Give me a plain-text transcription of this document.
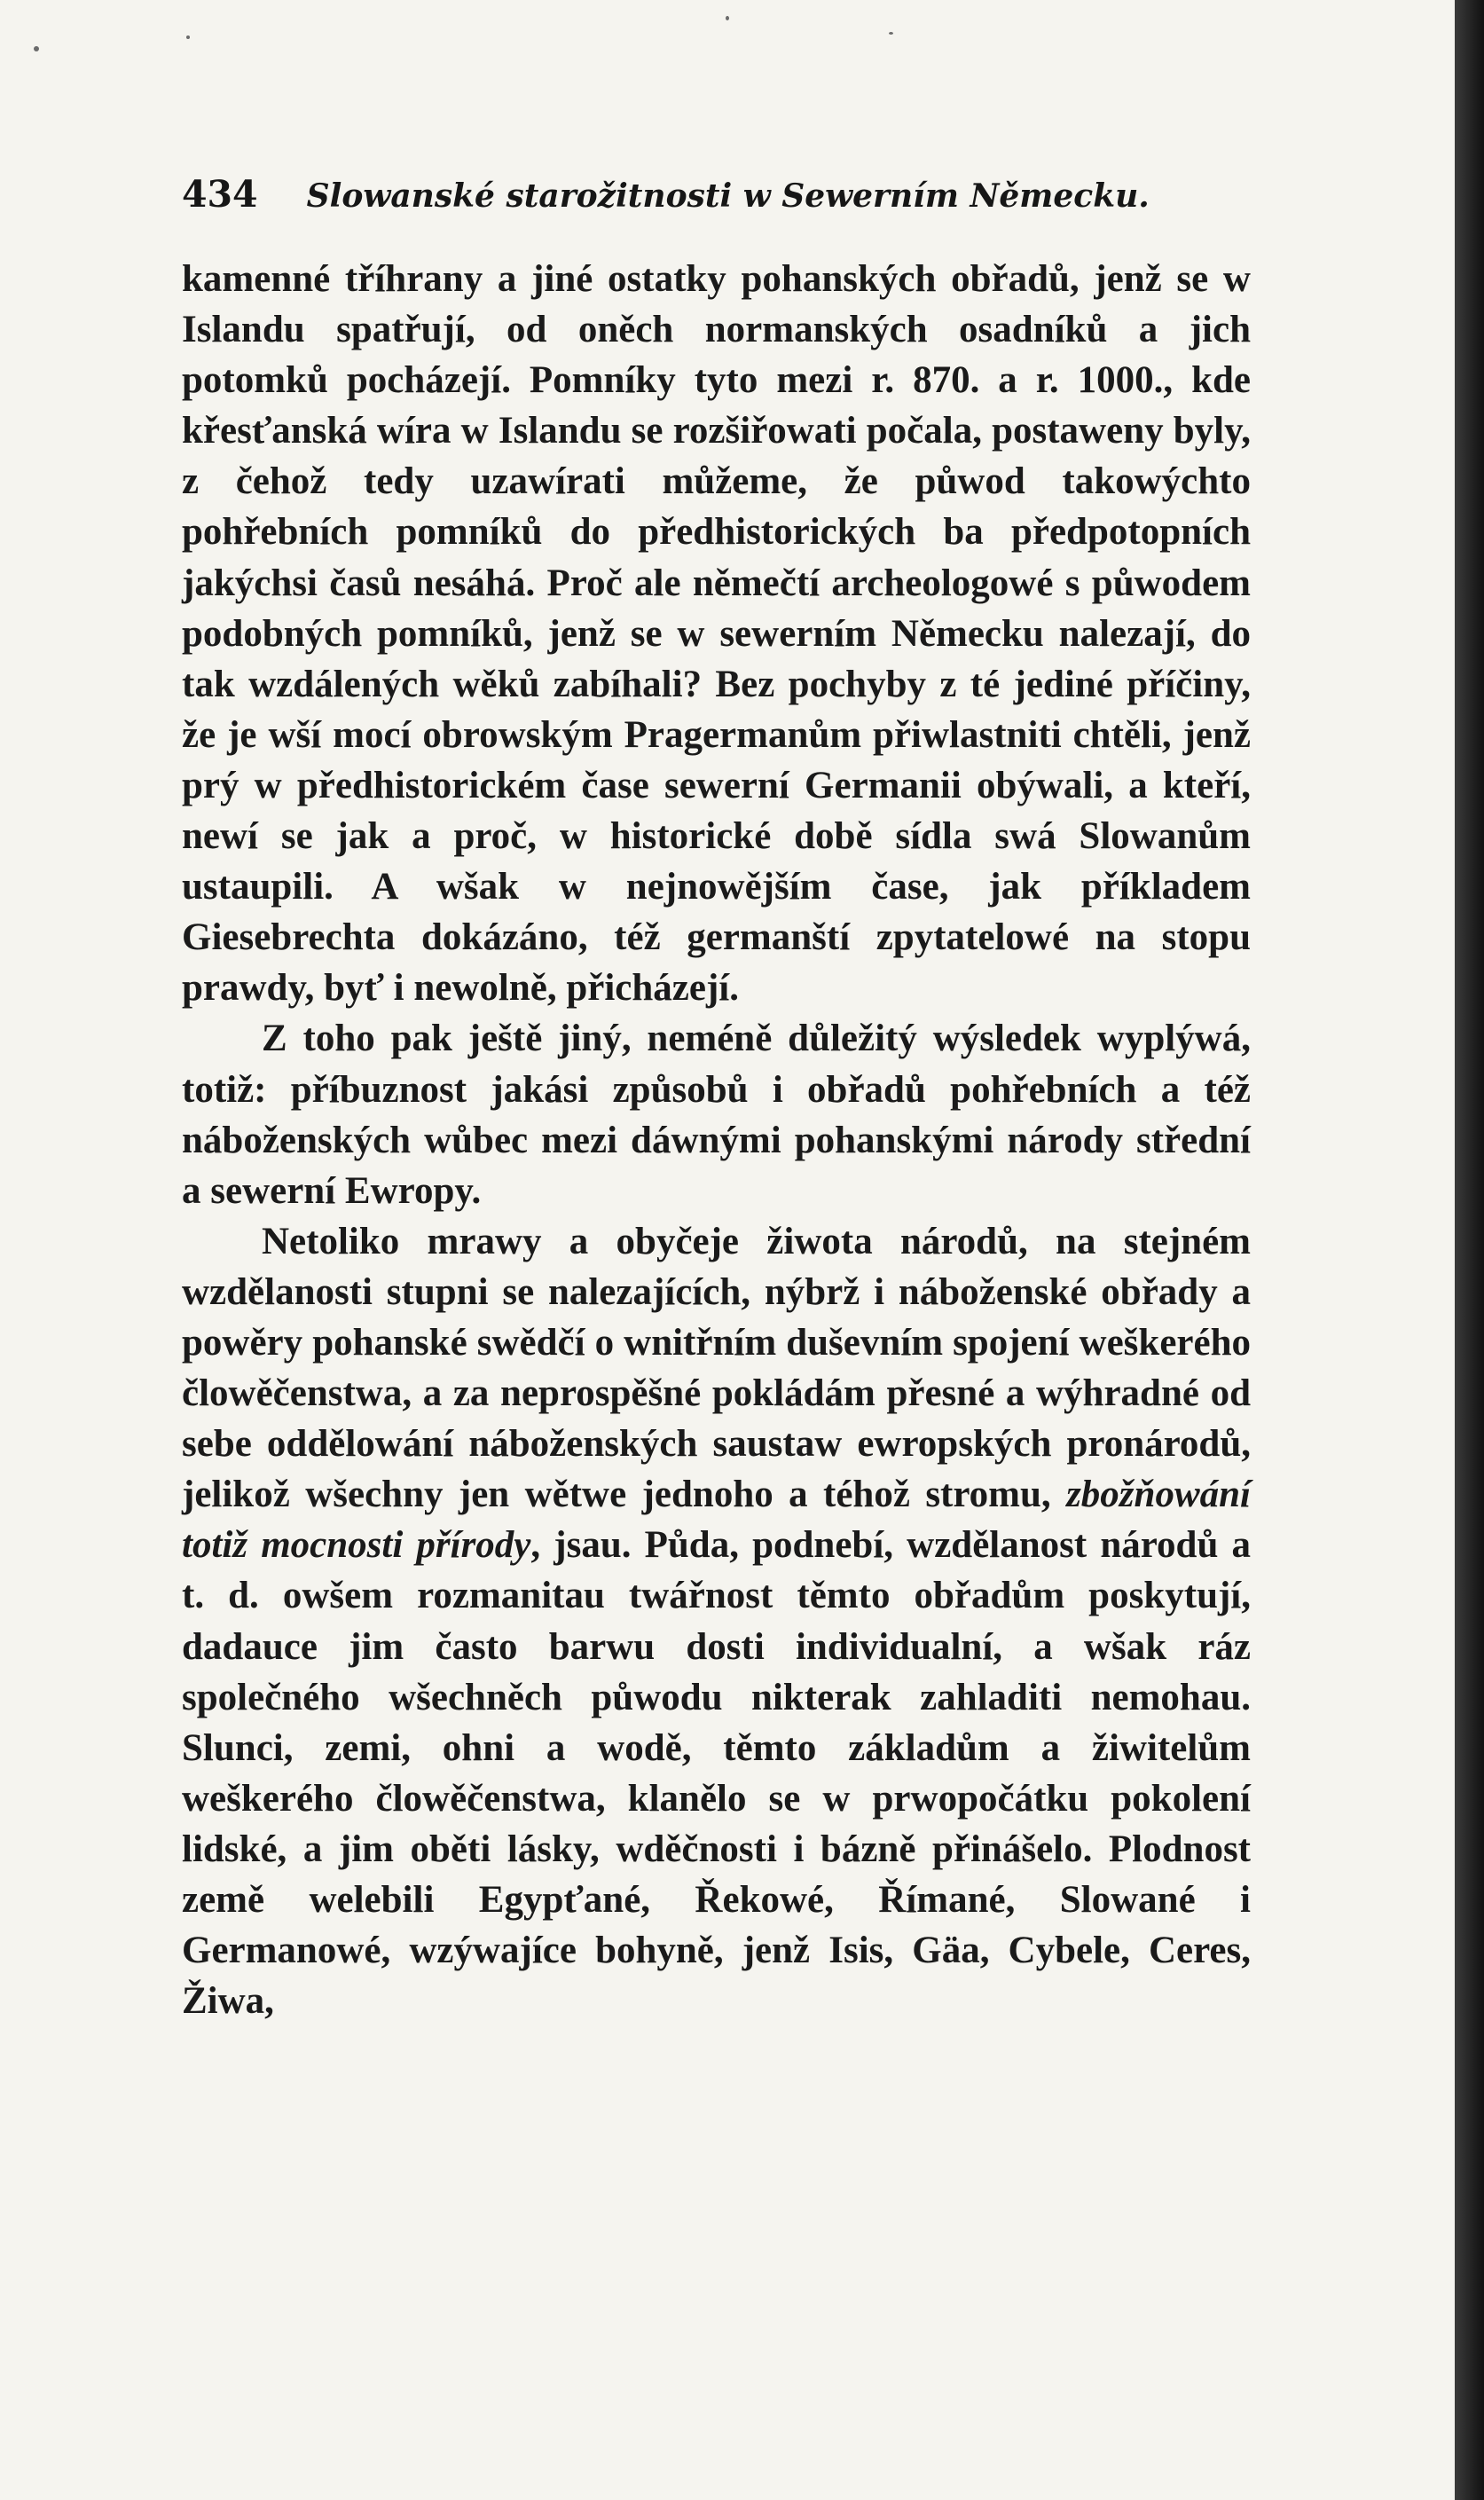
434 Slowanské starožitnosti w Sewerním Německu.

kamenné tříhrany a jiné ostatky pohanských obřadů, jenž se w Islandu spatřují, od oněch normanských osadníků a jich potomků pocházejí. Pomníky tyto mezi r. 870. a r. 1000., kde křesťanská wíra w Islandu se rozšiřowati počala, postaweny byly, z čehož tedy uzawírati můžeme, že půwod takowýchto pohřebních pomníků do předhistorických ba předpotopních jakýchsi časů nesáhá. Proč ale němečtí archeologowé s půwodem podobných pomníků, jenž se w sewerním Německu nalezají, do tak wzdálených wěků zabíhali? Bez pochyby z té jediné příčiny, že je wší mocí obrowským Pragermanům přiwlastniti chtěli, jenž prý w předhistorickém čase sewerní Germanii obýwali, a kteří, newí se jak a proč, w historické době sídla swá Slowanům ustaupili. A wšak w nejnowějším čase, jak příkladem Giesebrechta dokázáno, též germanští zpytatelowé na stopu prawdy, byť i newolně, přicházejí.

Z toho pak ještě jiný, neméně důležitý wýsledek wyplýwá, totiž: příbuznost jakási způsobů i obřadů pohřebních a též náboženských wůbec mezi dáwnými pohanskými národy střední a sewerní Ewropy.

Netoliko mrawy a obyčeje žiwota národů, na stejném wzdělanosti stupni se nalezajících, nýbrž i náboženské obřady a powěry pohanské swědčí o wnitřním duševním spojení weškerého člowěčenstwa, a za neprospěšné pokládám přesné a wýhradné od sebe oddělowání náboženských saustaw ewropských pronárodů, jelikož wšechny jen wětwe jednoho a téhož stromu, zbožňowání totiž mocnosti přírody, jsau. Půda, podnebí, wzdělanost národů a t. d. owšem rozmanitau twářnost těmto obřadům poskytují, dadauce jim často barwu dosti individualní, a wšak ráz společného wšechněch půwodu nikterak zahladiti nemohau. Slunci, zemi, ohni a wodě, těmto základům a žiwitelům weškerého člowěčenstwa, klanělo se w prwopočátku pokolení lidské, a jim oběti lásky, wděčnosti i bázně přinášelo. Plodnost země welebili Egypťané, Řekowé, Římané, Slowané i Germanowé, wzýwajíce bohyně, jenž Isis, Gäa, Cybele, Ceres, Žiwa,
